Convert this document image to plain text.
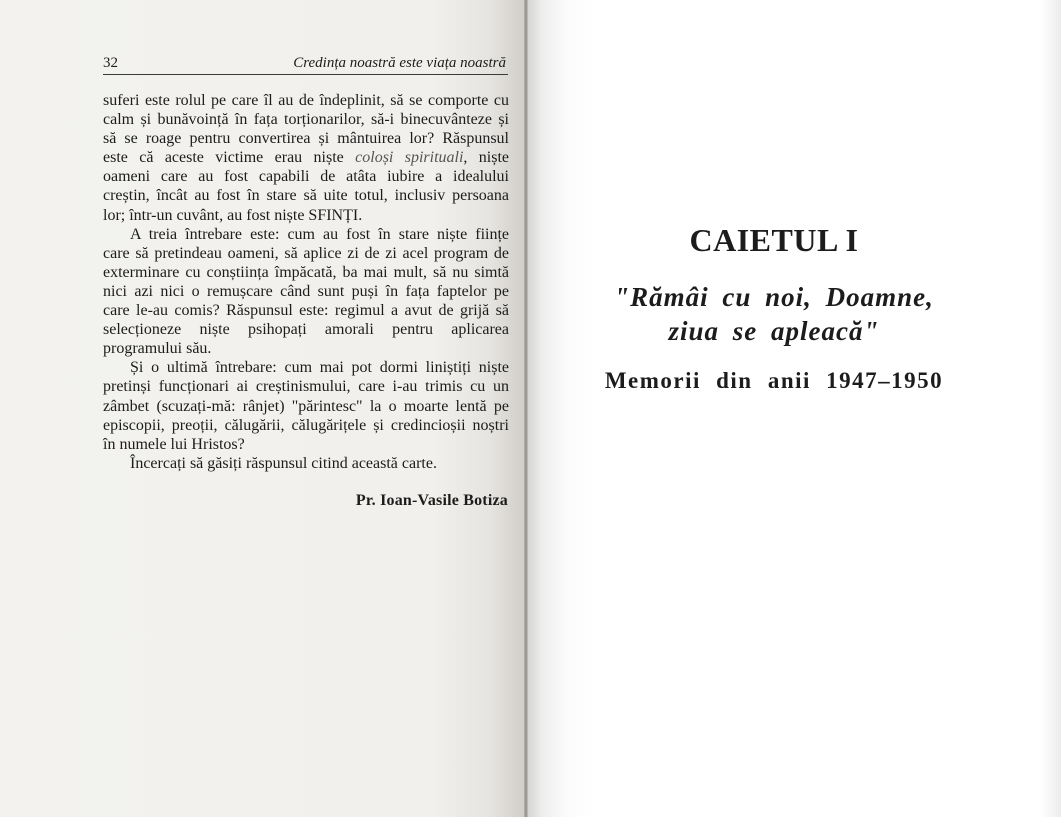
32	Credința noastră este viața noastră
suferi este rolul pe care îl au de îndeplinit, să se comporte cu
calm și bunăvoință în fața torționarilor, să-i binecuvânteze și
să se roage pentru convertirea și mântuirea lor? Răspunsul
este că aceste victime erau niște coloși spirituali, niște
oameni care au fost capabili de atâta iubire a idealului
creștin, încât au fost în stare să uite totul, inclusiv persoana
lor; într-un cuvânt, au fost niște SFINȚI.
A treia întrebare este: cum au fost în stare niște ființe
care să pretindeau oameni, să aplice zi de zi acel program de
exterminare cu conștiința împăcată, ba mai mult, să nu simtă
nici azi nici o remușcare când sunt puși în fața faptelor pe
care le-au comis? Răspunsul este: regimul a avut de grijă să
selecționeze niște psihopați amorali pentru aplicarea
programului său.
Și o ultimă întrebare: cum mai pot dormi liniștiți niște
pretinși funcționari ai creștinismului, care i-au trimis cu un
zâmbet (scuzați-mă: rânjet) "părintesc" la o moarte lentă pe
episcopii, preoții, călugării, călugărițele și credincioșii noștri
în numele lui Hristos?
Încercați să găsiți răspunsul citind această carte.
Pr. Ioan-Vasile Botiza
CAIETUL I
"Rămâi cu noi, Doamne,
ziua se apleacă"
Memorii din anii 1947–1950
